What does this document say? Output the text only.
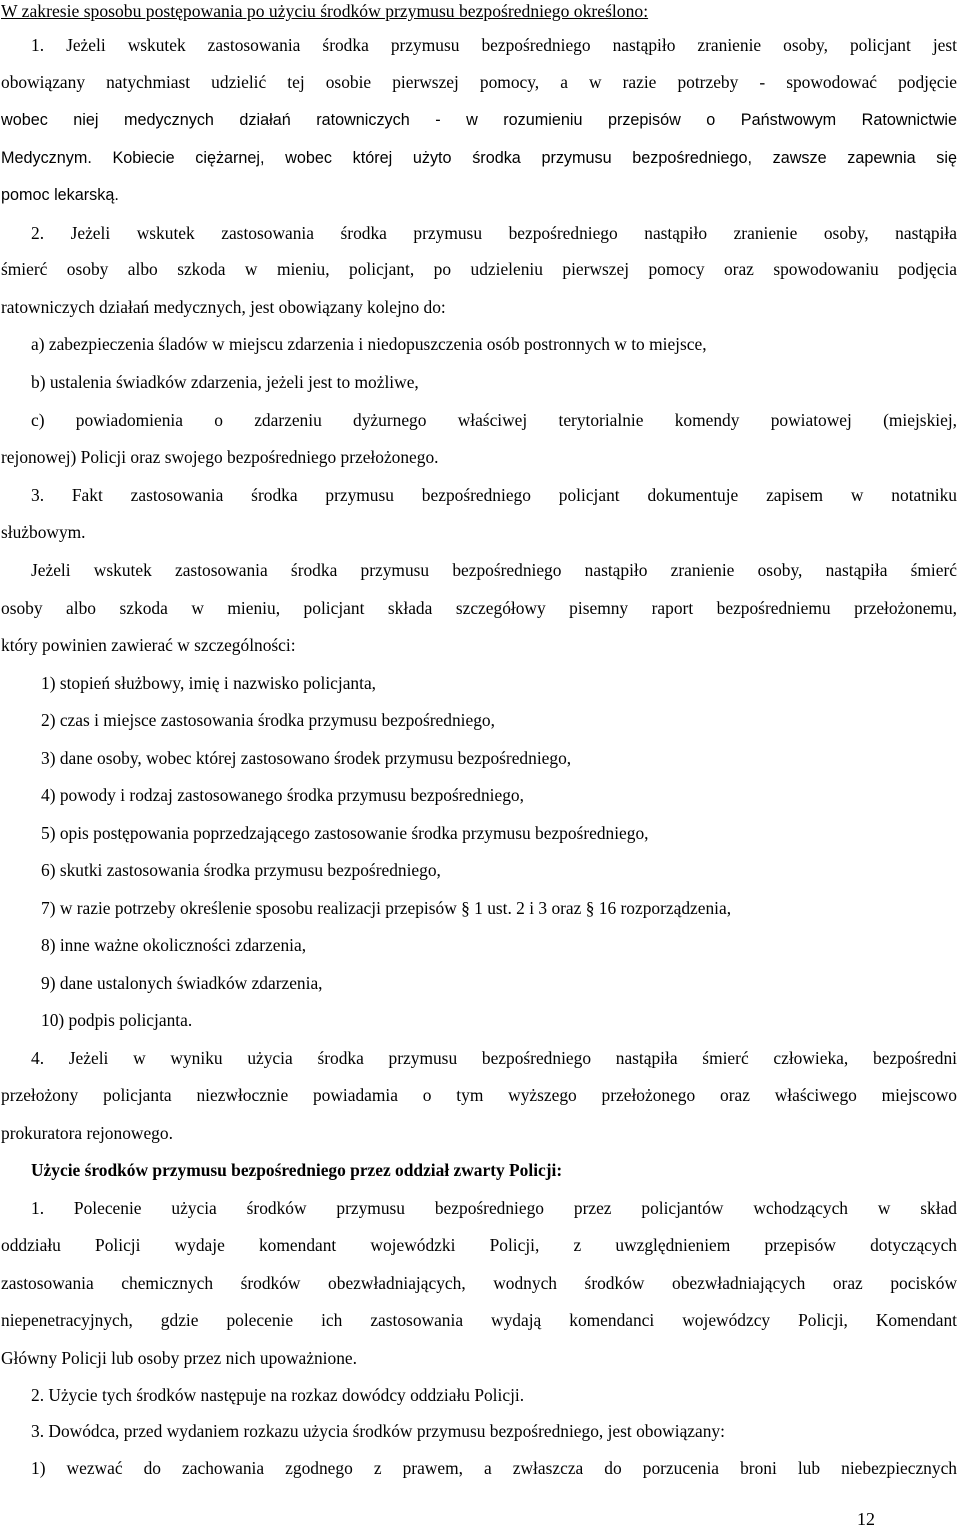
W zakresie sposobu postępowania po użyciu środków przymusu bezpośredniego określono:
1. Jeżeli wskutek zastosowania środka przymusu bezpośredniego nastąpiło zranienie osoby, policjant jest
obowiązany natychmiast udzielić tej osobie pierwszej pomocy, a w razie potrzeby - spowodować podjęcie
wobec niej medycznych działań ratowniczych - w rozumieniu przepisów o Państwowym Ratownictwie
Medycznym. Kobiecie ciężarnej, wobec której użyto środka przymusu bezpośredniego, zawsze zapewnia się
pomoc lekarską.
2. Jeżeli wskutek zastosowania środka przymusu bezpośredniego nastąpiło zranienie osoby, nastąpiła
śmierć osoby albo szkoda w mieniu, policjant, po udzieleniu pierwszej pomocy oraz spowodowaniu podjęcia
ratowniczych działań medycznych, jest obowiązany kolejno do:
a) zabezpieczenia śladów w miejscu zdarzenia i niedopuszczenia osób postronnych w to miejsce,
b) ustalenia świadków zdarzenia, jeżeli jest to możliwe,
c) powiadomienia o zdarzeniu dyżurnego właściwej terytorialnie komendy powiatowej (miejskiej,
rejonowej) Policji oraz swojego bezpośredniego przełożonego.
3. Fakt zastosowania środka przymusu bezpośredniego policjant dokumentuje zapisem w notatniku
służbowym.
Jeżeli wskutek zastosowania środka przymusu bezpośredniego nastąpiło zranienie osoby, nastąpiła śmierć
osoby albo szkoda w mieniu, policjant składa szczegółowy pisemny raport bezpośredniemu przełożonemu,
który powinien zawierać w szczególności:
1) stopień służbowy, imię i nazwisko policjanta,
2) czas i miejsce zastosowania środka przymusu bezpośredniego,
3) dane osoby, wobec której zastosowano środek przymusu bezpośredniego,
4) powody i rodzaj zastosowanego środka przymusu bezpośredniego,
5) opis postępowania poprzedzającego zastosowanie środka przymusu bezpośredniego,
6) skutki zastosowania środka przymusu bezpośredniego,
7) w razie potrzeby określenie sposobu realizacji przepisów § 1 ust. 2 i 3 oraz § 16 rozporządzenia,
8) inne ważne okoliczności zdarzenia,
9) dane ustalonych świadków zdarzenia,
10) podpis policjanta.
4. Jeżeli w wyniku użycia środka przymusu bezpośredniego nastąpiła śmierć człowieka, bezpośredni
przełożony policjanta niezwłocznie powiadamia o tym wyższego przełożonego oraz właściwego miejscowo
prokuratora rejonowego.
Użycie środków przymusu bezpośredniego przez oddział zwarty Policji:
1. Polecenie użycia środków przymusu bezpośredniego przez policjantów wchodzących w skład
oddziału Policji wydaje komendant wojewódzki Policji, z uwzględnieniem przepisów dotyczących
zastosowania chemicznych środków obezwładniających, wodnych środków obezwładniających oraz pocisków
niepenetracyjnych, gdzie polecenie ich zastosowania wydają komendanci wojewódzcy Policji, Komendant
Główny Policji lub osoby przez nich upoważnione.
2. Użycie tych środków następuje na rozkaz dowódcy oddziału Policji.
3. Dowódca, przed wydaniem rozkazu użycia środków przymusu bezpośredniego, jest obowiązany:
1) wezwać do zachowania zgodnego z prawem, a zwłaszcza do porzucenia broni lub niebezpiecznych
12
